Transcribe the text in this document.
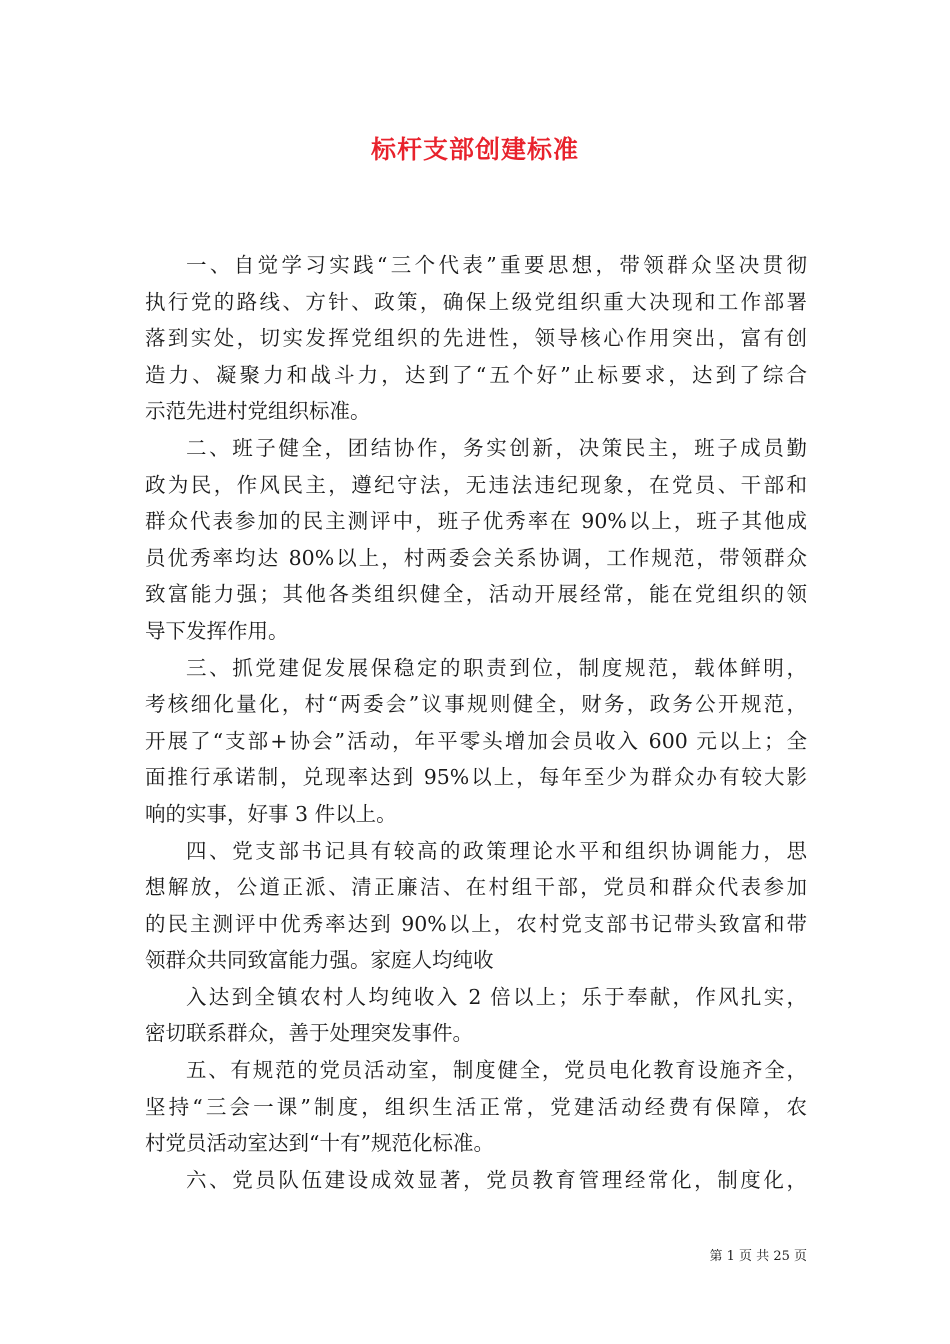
标杆支部创建标准
一、自觉学习实践“三个代表”重要思想，带领群众坚决贯彻
执行党的路线、方针、政策，确保上级党组织重大决现和工作部署
落到实处，切实发挥党组织的先进性，领导核心作用突出，富有创
造力、凝聚力和战斗力，达到了“五个好”止标要求，达到了综合
示范先进村党组织标准。
二、班子健全，团结协作，务实创新，决策民主，班子成员勤
政为民，作风民主，遵纪守法，无违法违纪现象，在党员、干部和
群众代表参加的民主测评中，班子优秀率在 90%以上，班子其他成
员优秀率均达 80%以上，村两委会关系协调，工作规范，带领群众
致富能力强；其他各类组织健全，活动开展经常，能在党组织的领
导下发挥作用。
三、抓党建促发展保稳定的职责到位，制度规范，载体鲜明，
考核细化量化，村“两委会”议事规则健全，财务，政务公开规范，
开展了“支部+协会”活动，年平零头增加会员收入 600 元以上；全
面推行承诺制，兑现率达到 95%以上，每年至少为群众办有较大影
响的实事，好事 3 件以上。
四、党支部书记具有较高的政策理论水平和组织协调能力，思
想解放，公道正派、清正廉洁、在村组干部，党员和群众代表参加
的民主测评中优秀率达到 90%以上，农村党支部书记带头致富和带
领群众共同致富能力强。家庭人均纯收
入达到全镇农村人均纯收入 2 倍以上；乐于奉献，作风扎实，
密切联系群众，善于处理突发事件。
五、有规范的党员活动室，制度健全，党员电化教育设施齐全，
坚持“三会一课”制度，组织生活正常，党建活动经费有保障，农
村党员活动室达到“十有”规范化标准。
六、党员队伍建设成效显著，党员教育管理经常化，制度化，
第 1 页 共 25 页
